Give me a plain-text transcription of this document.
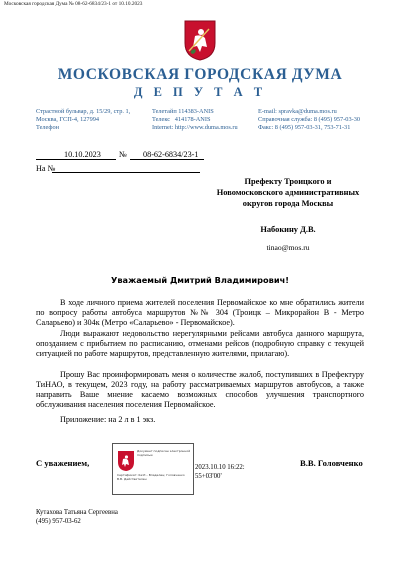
Московская городская Дума № 08-62-6834/23-1 от 10.10.2023
МОСКОВСКАЯ ГОРОДСКАЯ ДУМА
Д Е П У Т А Т
Страстной бульвар, д. 15/29, стр. 1,
Москва, ГСП-4, 127994
Телефон
Телетайп 114383-ANIS
Телекс   414178-ANIS
Internet: http://www.duma.mos.ru
E-mail: spravka@duma.mos.ru
Справочная служба: 8 (495) 957-03-30
Факс: 8 (495) 957-03-31, 753-71-31
10.10.2023 № 08-62-6834/23-1
На №
Префекту Троицкого и
Новомосковского административных
округов города Москвы
Набокину Д.В.
tinao@mos.ru
Уважаемый Дмитрий Владимирович!

В ходе личного приема жителей поселения Первомайское ко мне обратились жители по вопросу работы автобуса маршрутов №№ 304 (Троицк – Микрорайон В - Метро Саларьево) и 304к (Метро «Саларьево» - Первомайское).

Люди выражают недовольство нерегулярными рейсами автобуса данного маршрута, опозданием с прибытием по расписанию, отменами рейсов (подробную справку с текущей ситуацией по работе маршрутов, представленную жителями, прилагаю).

Прошу Вас проинформировать меня о количестве жалоб, поступивших в Префектуру ТиНАО, в текущем, 2023 году, на работу рассматриваемых маршрутов автобусов, а также направить Ваше мнение касаемо возможных способов улучшения транспортного обслуживания населения поселения Первомайское.

Приложение: на 2 л в 1 экз.

С уважением,
Документ подписан электронной подписью
Сертификат: 0e1f... Владелец: Головченко В.В. Действителен
2023.10.10 16:22:
55+03'00'
В.В. Головченко
Кутахова Татьяна Сергеевна
(495) 957-03-62
